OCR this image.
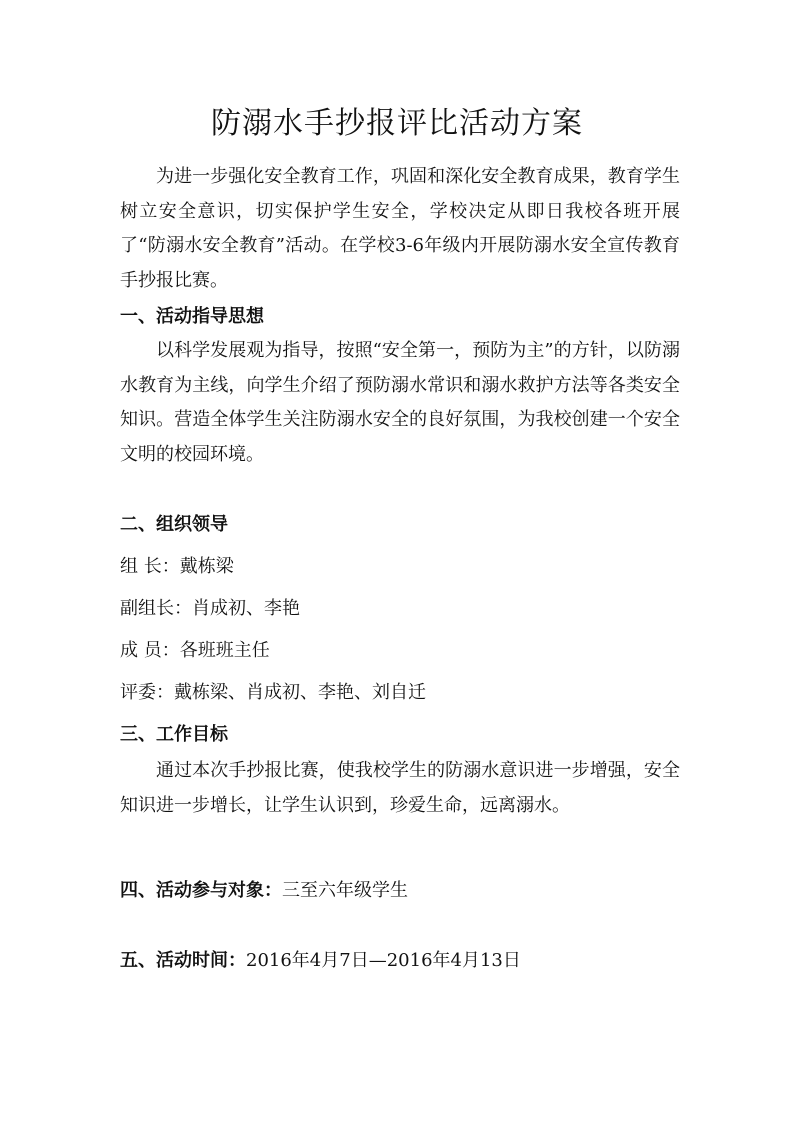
防溺水手抄报评比活动方案
为进一步强化安全教育工作，巩固和深化安全教育成果，教育学生树立安全意识，切实保护学生安全，学校决定从即日我校各班开展了“防溺水安全教育”活动。在学校3-6年级内开展防溺水安全宣传教育手抄报比赛。
一、活动指导思想
以科学发展观为指导，按照“安全第一，预防为主”的方针，以防溺水教育为主线，向学生介绍了预防溺水常识和溺水救护方法等各类安全知识。营造全体学生关注防溺水安全的良好氛围，为我校创建一个安全文明的校园环境。
二、组织领导
组 长：戴栋梁
副组长：肖成初、李艳
成 员：各班班主任
评委：戴栋梁、肖成初、李艳、刘自迁
三、工作目标
通过本次手抄报比赛，使我校学生的防溺水意识进一步增强，安全知识进一步增长，让学生认识到，珍爱生命，远离溺水。
四、活动参与对象：三至六年级学生
五、活动时间：2016年4月7日—2016年4月13日
